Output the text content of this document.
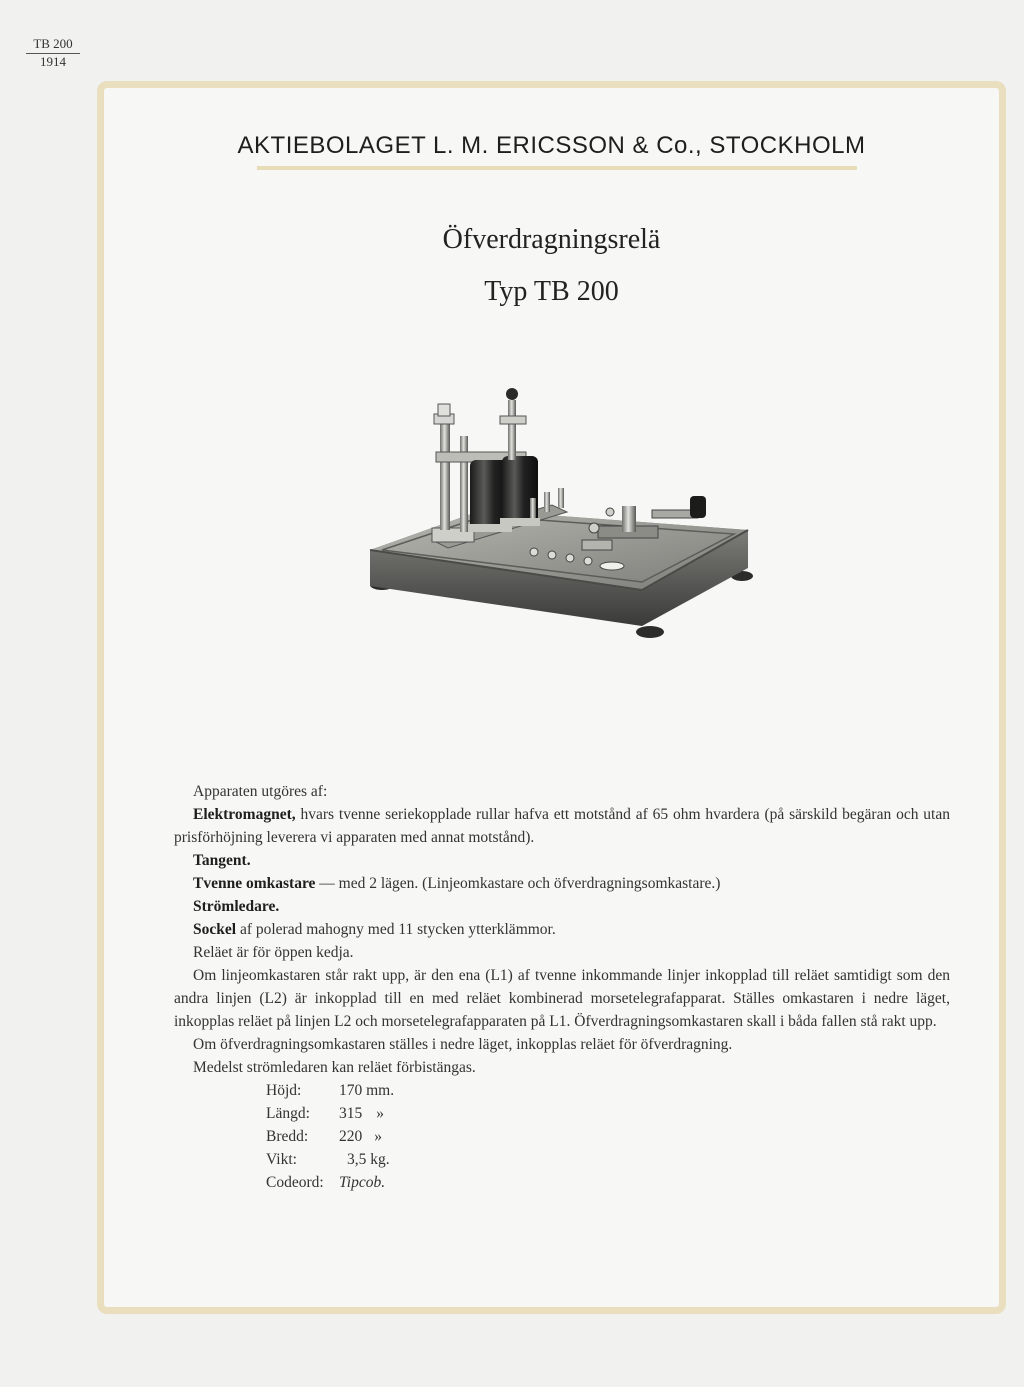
TB 200
1914
AKTIEBOLAGET L. M. ERICSSON & Co., STOCKHOLM
Öfverdragningsrelä
Typ TB 200

Apparaten utgöres af:

Elektromagnet, hvars tvenne seriekopplade rullar hafva ett motstånd af 65 ohm hvardera (på särskild begäran och utan prisförhöjning leverera vi apparaten med annat motstånd).

Tangent.

Tvenne omkastare — med 2 lägen. (Linjeomkastare och öfverdragningsomkastare.)

Strömledare.

Sockel af polerad mahogny med 11 stycken ytterklämmor.

Reläet är för öppen kedja.

Om linjeomkastaren står rakt upp, är den ena (L1) af tvenne inkommande linjer inkopplad till reläet samtidigt som den andra linjen (L2) är inkopplad till en med reläet kombinerad morsetelegrafapparat. Ställes omkastaren i nedre läget, inkopplas reläet på linjen L2 och morsetelegrafapparaten på L1. Öfverdragningsomkastaren skall i båda fallen stå rakt upp.

Om öfverdragningsomkastaren ställes i nedre läget, inkopplas reläet för öfverdragning.

Medelst strömledaren kan reläet förbistängas.

Höjd:	170 mm.
Längd:	315 »
Bredd:	220 »
Vikt:	3,5 kg.
Codeord: Tipcob.
